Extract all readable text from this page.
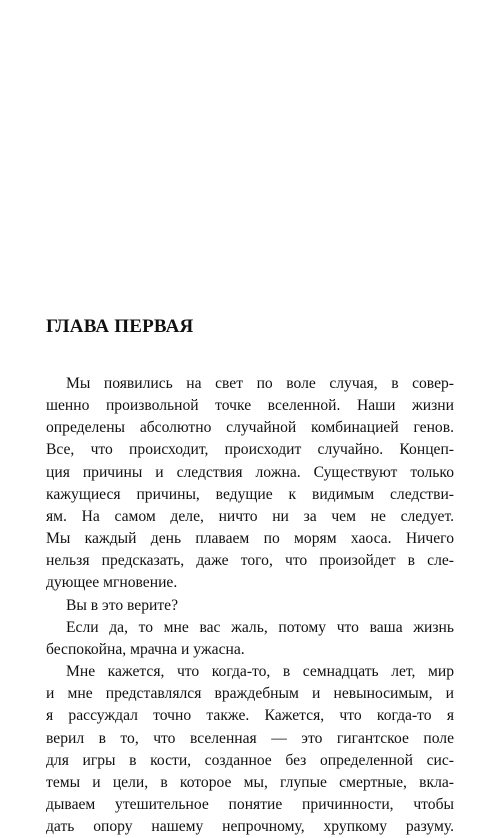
ГЛАВА ПЕРВАЯ
Мы появились на свет по воле случая, в совер-
шенно произвольной точке вселенной. Наши жизни
определены абсолютно случайной комбинацией генов.
Все, что происходит, происходит случайно. Концеп-
ция причины и следствия ложна. Существуют только
кажущиеся причины, ведущие к видимым следстви-
ям. На самом деле, ничто ни за чем не следует.
Мы каждый день плаваем по морям хаоса. Ничего
нельзя предсказать, даже того, что произойдет в сле-
дующее мгновение.
Вы в это верите?
Если да, то мне вас жаль, потому что ваша жизнь
беспокойна, мрачна и ужасна.
Мне кажется, что когда-то, в семнадцать лет, мир
и мне представлялся враждебным и невыносимым, и
я рассуждал точно также. Кажется, что когда-то я
верил в то, что вселенная — это гигантское поле
для игры в кости, созданное без определенной сис-
темы и цели, в которое мы, глупые смертные, вкла-
дываем утешительное понятие причинности, чтобы
дать опору нашему непрочному, хрупкому разуму.
